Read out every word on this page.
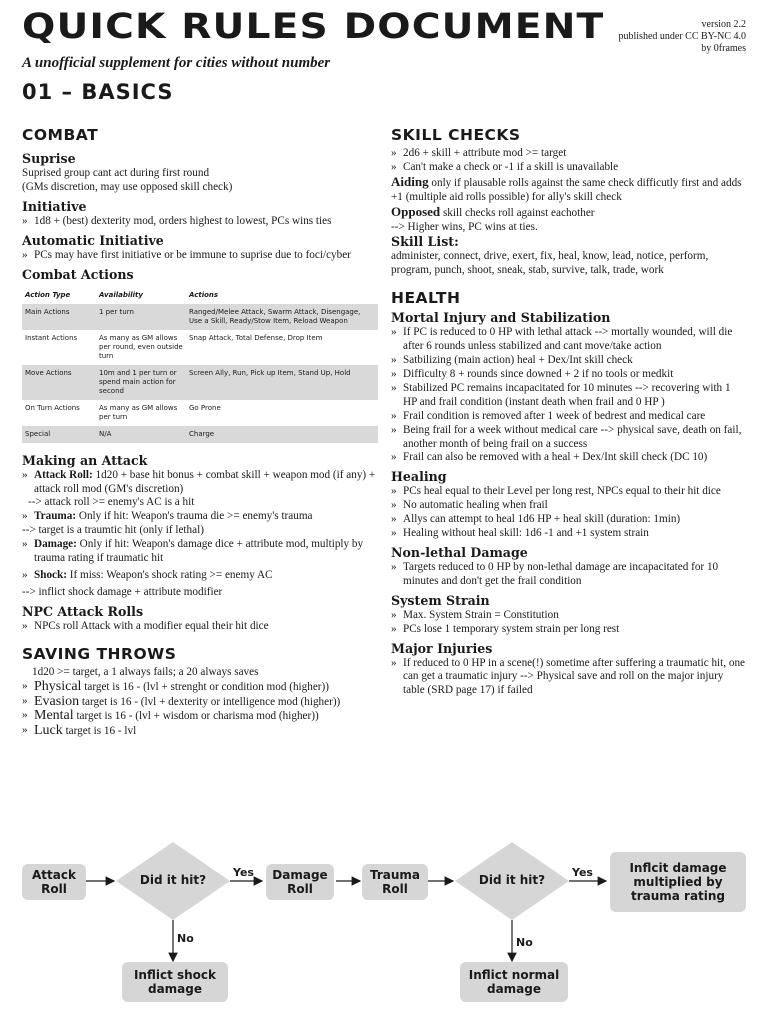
QUICK RULES DOCUMENT	version 2.2
published under CC BY-NC 4.0
by 0frames
A unofficial supplement for cities without number
01 – BASICS
COMBAT
Suprise

Suprised group cant act during first round

(GMs discretion, may use opposed skill check)

Initiative
» 1d8 + (best) dexterity mod, orders highest to lowest, PCs wins ties
Automatic Initiative
» PCs may have first initiative or be immune to suprise due to foci/cyber
Combat Actions
Action Type	Availability	Actions
Main Actions	1 per turn	Ranged/Melee Attack, Swarm Attack, Disengage, Use a Skill, Ready/Stow Item, Reload Weapon
Instant Actions	As many as GM allows per round, even outside turn	Snap Attack, Total Defense, Drop Item
Move Actions	10m and 1 per turn or spend main action for second	Screen Ally, Run, Pick up Item, Stand Up, Hold
On Turn Actions	As many as GM allows per turn	Go Prone
Special	N/A	Charge
Making an Attack
» Attack Roll: 1d20 + base hit bonus + combat skill + weapon mod (if any) + attack roll mod (GM's discretion)

--> attack roll >= enemy's AC is a hit

» Trauma: Only if hit: Weapon's trauma die >= enemy's trauma

--> target is a traumtic hit (only if lethal)

» Damage: Only if hit: Weapon's damage dice + attribute mod, multiply by trauma rating if traumatic hit
» Shock: If miss: Weapon's shock rating >= enemy AC

--> inflict shock damage + attribute modifier

NPC Attack Rolls
» NPCs roll Attack with a modifier equal their hit dice
SAVING THROWS

1d20 >= target, a 1 always fails; a 20 always saves

» Physical target is 16 - (lvl + strenght or condition mod (higher))
» Evasion target is 16 - (lvl + dexterity or intelligence mod (higher))
» Mental target is 16 - (lvl + wisdom or charisma mod (higher))
» Luck target is 16 - lvl
SKILL CHECKS
» 2d6 + skill + attribute mod >= target
» Can't make a check or -1 if a skill is unavailable

Aiding only if plausable rolls against the same check difficutly first and adds +1 (multiple aid rolls possible) for ally's skill check

Opposed skill checks roll against eachother

--> Higher wins, PC wins at ties.

Skill List:

administer, connect, drive, exert, fix, heal, know, lead, notice, perform, program, punch, shoot, sneak, stab, survive, talk, trade, work

HEALTH
Mortal Injury and Stabilization
» If PC is reduced to 0 HP with lethal attack --> mortally wounded, will die after 6 rounds unless stabilized and cant move/take action
» Satbilizing (main action) heal + Dex/Int skill check
» Difficulty 8 + rounds since downed + 2 if no tools or medkit
» Stabilized PC remains incapacitated for 10 minutes --> recovering with 1 HP and frail condition (instant death when frail and 0 HP )
» Frail condition is removed after 1 week of bedrest and medical care
» Being frail for a week without medical care --> physical save, death on fail, another month of being frail on a success
» Frail can also be removed with a heal + Dex/Int skill check (DC 10)
Healing
» PCs heal equal to their Level per long rest, NPCs equal to their hit dice
» No automatic healing when frail
» Allys can attempt to heal 1d6 HP + heal skill (duration: 1min)
» Healing without heal skill: 1d6 -1 and +1 system strain
Non-lethal Damage
» Targets reduced to 0 HP by non-lethal damage are incapacitated for 10 minutes and don't get the frail condition
System Strain
» Max. System Strain = Constitution
» PCs lose 1 temporary system strain per long rest
Major Injuries
» If reduced to 0 HP in a scene(!) sometime after suffering a traumatic hit, one can get a traumatic injury --> Physical save and roll on the major injury table (SRD page 17) if failed
Attack Roll
Did it hit?
Yes	Damage Roll
Trauma Roll
Did it hit?
Yes	Inflcit damage multiplied by trauma rating
No
Inflict shock damage
No
Inflict normal damage
